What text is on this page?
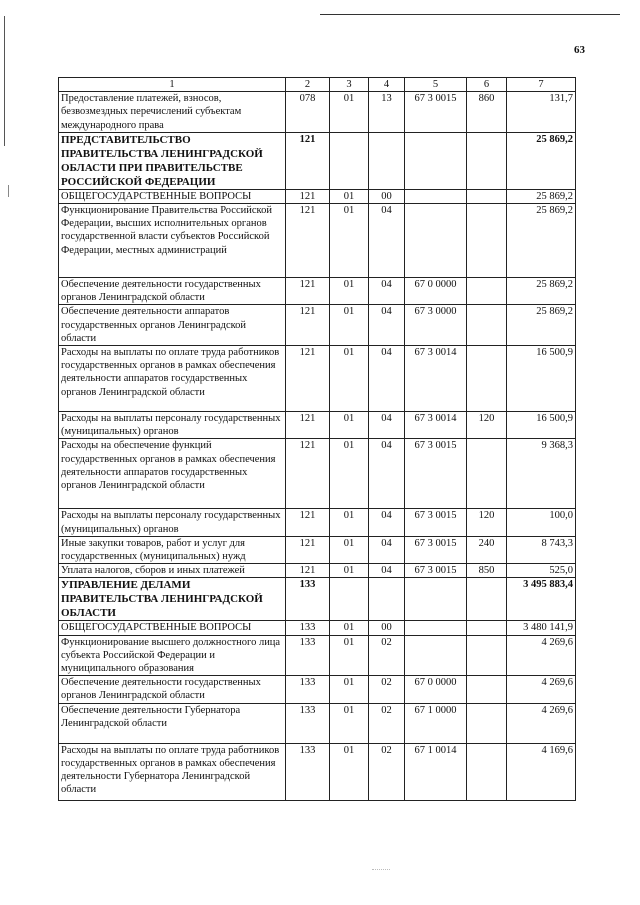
63
1	2	3	4	5	6	7
Предоставление платежей, взносов, безвозмездных перечислений субъектам международного права	078	01	13	67 3 0015	860	131,7
ПРЕДСТАВИТЕЛЬСТВО ПРАВИТЕЛЬСТВА ЛЕНИНГРАДСКОЙ ОБЛАСТИ ПРИ ПРАВИТЕЛЬСТВЕ РОССИЙСКОЙ ФЕДЕРАЦИИ	121					25 869,2
ОБЩЕГОСУДАРСТВЕННЫЕ ВОПРОСЫ	121	01	00			25 869,2
Функционирование Правительства Российской Федерации, высших исполнительных органов государственной власти субъектов Российской Федерации, местных администраций	121	01	04			25 869,2
Обеспечение деятельности государственных органов Ленинградской области	121	01	04	67 0 0000		25 869,2
Обеспечение деятельности аппаратов государственных органов Ленинградской области	121	01	04	67 3 0000		25 869,2
Расходы на выплаты по оплате труда работников государственных органов в рамках обеспечения деятельности аппаратов государственных органов Ленинградской области	121	01	04	67 3 0014		16 500,9
Расходы на выплаты персоналу государственных (муниципальных) органов	121	01	04	67 3 0014	120	16 500,9
Расходы на обеспечение функций государственных органов в рамках обеспечения деятельности аппаратов государственных органов Ленинградской области	121	01	04	67 3 0015		9 368,3
Расходы на выплаты персоналу государственных (муниципальных) органов	121	01	04	67 3 0015	120	100,0
Иные закупки товаров, работ и услуг для государственных (муниципальных) нужд	121	01	04	67 3 0015	240	8 743,3
Уплата налогов, сборов и иных платежей	121	01	04	67 3 0015	850	525,0
УПРАВЛЕНИЕ ДЕЛАМИ ПРАВИТЕЛЬСТВА ЛЕНИНГРАДСКОЙ ОБЛАСТИ	133					3 495 883,4
ОБЩЕГОСУДАРСТВЕННЫЕ ВОПРОСЫ	133	01	00			3 480 141,9
Функционирование высшего должностного лица субъекта Российской Федерации и муниципального образования	133	01	02			4 269,6
Обеспечение деятельности государственных органов Ленинградской области	133	01	02	67 0 0000		4 269,6
Обеспечение деятельности Губернатора Ленинградской области	133	01	02	67 1 0000		4 269,6
Расходы на выплаты по оплате труда работников государственных органов в рамках обеспечения деятельности Губернатора Ленинградской области	133	01	02	67 1 0014		4 169,6
